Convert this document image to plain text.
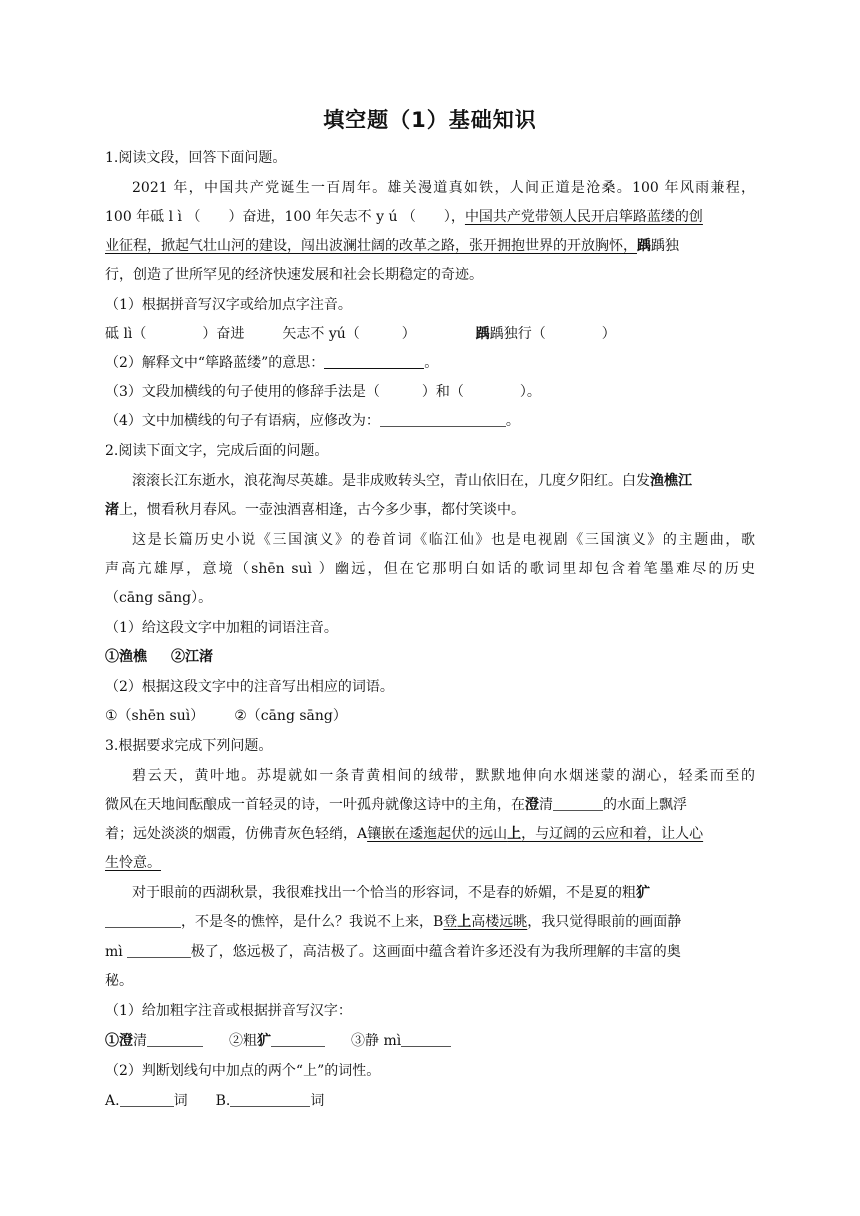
填空题（1）基础知识
1.阅读文段，回答下面问题。
2021 年，中国共产党诞生一百周年。雄关漫道真如铁，人间正道是沧桑。100 年风雨兼程，
100 年砥 l ì （　　）奋进，100 年矢志不 y ú （　　），中国共产党带领人民开启筚路蓝缕的创
业征程，掀起气壮山河的建设，闯出波澜壮阔的改革之路，张开拥抱世界的开放胸怀，踽踽独
行，创造了世所罕见的经济快速发展和社会长期稳定的奇迹。
（1）根据拼音写汉字或给加点字注音。
砥 lì（　　　　）奋进	矢志不 yú（　　　）	踽踽独行（　　　　）
（2）解释文中“筚路蓝缕”的意思：	。
（3）文段加横线的句子使用的修辞手法是（　　　）和（　　　　）。
（4）文中加横线的句子有语病，应修改为：	。
2.阅读下面文字，完成后面的问题。
滚滚长江东逝水，浪花淘尽英雄。是非成败转头空，青山依旧在，几度夕阳红。白发渔樵江
渚上，惯看秋月春风。一壶浊酒喜相逢，古今多少事，都付笑谈中。
这是长篇历史小说《三国演义》的卷首词《临江仙》也是电视剧《三国演义》的主题曲，歌
声高亢雄厚，意境（shēn suì ）幽远，但在它那明白如话的歌词里却包含着笔墨难尽的历史
（cāng sāng）。
（1）给这段文字中加粗的词语注音。
①渔樵 ②江渚
（2）根据这段文字中的注音写出相应的词语。
①（shēn suì） ②（cāng sāng）
3.根据要求完成下列问题。
碧云天，黄叶地。苏堤就如一条青黄相间的绒带，默默地伸向水烟迷蒙的湖心，轻柔而至的
微风在天地间酝酿成一首轻灵的诗，一叶孤舟就像这诗中的主角，在澄清	的水面上飘浮
着；远处淡淡的烟霞，仿佛青灰色轻绡，A镶嵌在逶迤起伏的远山上，与辽阔的云应和着，让人心
生怜意。
对于眼前的西湖秋景，我很难找出一个恰当的形容词，不是春的娇媚，不是夏的粗犷
，不是冬的憔悴，是什么？我说不上来，B登上高楼远眺，我只觉得眼前的画面静
mì	极了，悠远极了，高洁极了。这画面中蕴含着许多还没有为我所理解的丰富的奥
秘。
（1）给加粗字注音或根据拼音写汉字：
①澄清	②粗犷	③静 mì
（2）判断划线句中加点的两个“上”的词性。
A.	词 B.	词
